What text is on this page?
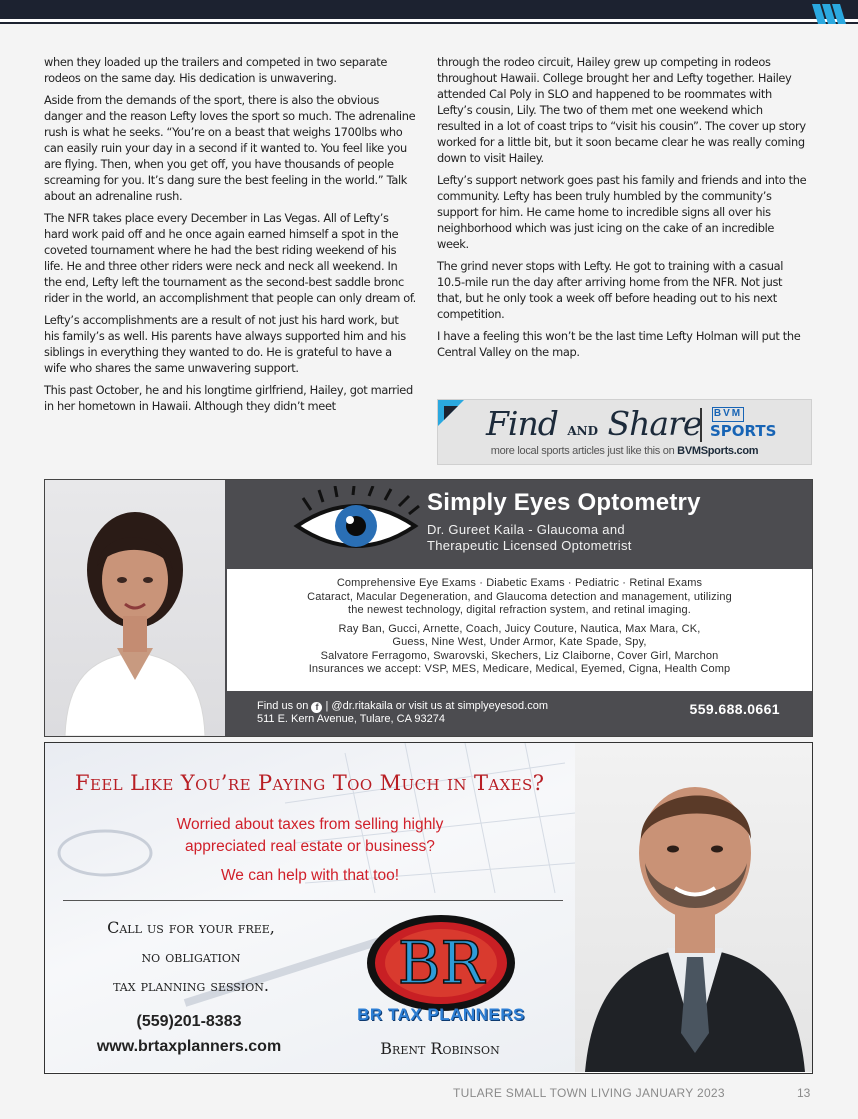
when they loaded up the trailers and competed in two separate rodeos on the same day. His dedication is unwavering.

Aside from the demands of the sport, there is also the obvious danger and the reason Lefty loves the sport so much. The adrenaline rush is what he seeks. “You’re on a beast that weighs 1700lbs who can easily ruin your day in a second if it wanted to. You feel like you are flying. Then, when you get off, you have thousands of people screaming for you. It’s dang sure the best feeling in the world.” Talk about an adrenaline rush.

The NFR takes place every December in Las Vegas. All of Lefty’s hard work paid off and he once again earned himself a spot in the coveted tournament where he had the best riding weekend of his life. He and three other riders were neck and neck all weekend. In the end, Lefty left the tournament as the second-best saddle bronc rider in the world, an accomplishment that people can only dream of.

Lefty’s accomplishments are a result of not just his hard work, but his family’s as well. His parents have always supported him and his siblings in everything they wanted to do. He is grateful to have a wife who shares the same unwavering support.

This past October, he and his longtime girlfriend, Hailey, got married in her hometown in Hawaii. Although they didn’t meet

through the rodeo circuit, Hailey grew up competing in rodeos throughout Hawaii. College brought her and Lefty together. Hailey attended Cal Poly in SLO and happened to be roommates with Lefty’s cousin, Lily. The two of them met one weekend which resulted in a lot of coast trips to “visit his cousin”. The cover up story worked for a little bit, but it soon became clear he was really coming down to visit Hailey.

Lefty’s support network goes past his family and friends and into the community. Lefty has been truly humbled by the community’s support for him. He came home to incredible signs all over his neighborhood which was just icing on the cake of an incredible week.

The grind never stops with Lefty. He got to training with a casual 10.5-mile run the day after arriving home from the NFR. Not just that, but he only took a week off before heading out to his next competition.

I have a feeling this won’t be the last time Lefty Holman will put the Central Valley on the map.

Find AND Share BVM
SPORTS
more local sports articles just like this on BVMSports.com
Simply Eyes Optometry
Dr. Gureet Kaila - Glaucoma and
Therapeutic Licensed Optometrist
Comprehensive Eye Exams · Diabetic Exams · Pediatric · Retinal Exams
Cataract, Macular Degeneration, and Glaucoma detection and management, utilizing
the newest technology, digital refraction system, and retinal imaging.
Ray Ban, Gucci, Arnette, Coach, Juicy Couture, Nautica, Max Mara, CK,
Guess, Nine West, Under Armor, Kate Spade, Spy,
Salvatore Ferragomo, Swarovski, Skechers, Liz Claiborne, Cover Girl, Marchon
Insurances we accept: VSP, MES, Medicare, Medical, Eyemed, Cigna, Health Comp
Find us on f | @dr.ritakaila or visit us at simplyeyesod.com
511 E. Kern Avenue, Tulare, CA 93274
559.688.0661
Feel Like You’re Paying Too Much in Taxes?
Worried about taxes from selling highly
appreciated real estate or business?
We can help with that too!
Call us for your free,
no obligation
tax planning session.
(559)201-8383
www.brtaxplanners.com
BR
BR TAX PLANNERS
Brent Robinson
TULARE SMALL TOWN LIVING JANUARY 2023	13
